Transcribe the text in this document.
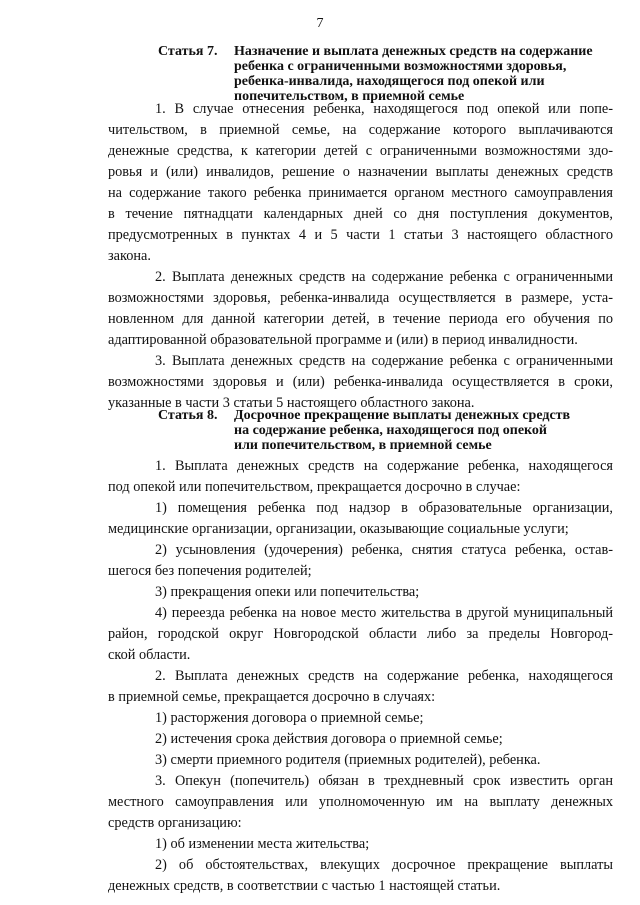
7
Статья 7. Назначение и выплата денежных средств на содержание
ребенка с ограниченными возможностями здоровья,
ребенка-инвалида, находящегося под опекой или
попечительством, в приемной семье
1. В случае отнесения ребенка, находящегося под опекой или попе-
чительством, в приемной семье, на содержание которого выплачиваются
денежные средства, к категории детей с ограниченными возможностями здо-
ровья и (или) инвалидов, решение о назначении выплаты денежных средств
на содержание такого ребенка принимается органом местного самоуправления
в течение пятнадцати календарных дней со дня поступления документов,
предусмотренных в пунктах 4 и 5 части 1 статьи 3 настоящего областного
закона.
2. Выплата денежных средств на содержание ребенка с ограниченными
возможностями здоровья, ребенка-инвалида осуществляется в размере, уста-
новленном для данной категории детей, в течение периода его обучения по
адаптированной образовательной программе и (или) в период инвалидности.
3. Выплата денежных средств на содержание ребенка с ограниченными
возможностями здоровья и (или) ребенка-инвалида осуществляется в сроки,
указанные в части 3 статьи 5 настоящего областного закона.
Статья 8. Досрочное прекращение выплаты денежных средств
на содержание ребенка, находящегося под опекой
или попечительством, в приемной семье
1. Выплата денежных средств на содержание ребенка, находящегося
под опекой или попечительством, прекращается досрочно в случае:
1) помещения ребенка под надзор в образовательные организации,
медицинские организации, организации, оказывающие социальные услуги;
2) усыновления (удочерения) ребенка, снятия статуса ребенка, остав-
шегося без попечения родителей;
3) прекращения опеки или попечительства;
4) переезда ребенка на новое место жительства в другой муниципальный
район, городской округ Новгородской области либо за пределы Новгород-
ской области.
2. Выплата денежных средств на содержание ребенка, находящегося
в приемной семье, прекращается досрочно в случаях:
1) расторжения договора о приемной семье;
2) истечения срока действия договора о приемной семье;
3) смерти приемного родителя (приемных родителей), ребенка.
3. Опекун (попечитель) обязан в трехдневный срок известить орган
местного самоуправления или уполномоченную им на выплату денежных
средств организацию:
1) об изменении места жительства;
2) об обстоятельствах, влекущих досрочное прекращение выплаты
денежных средств, в соответствии с частью 1 настоящей статьи.
